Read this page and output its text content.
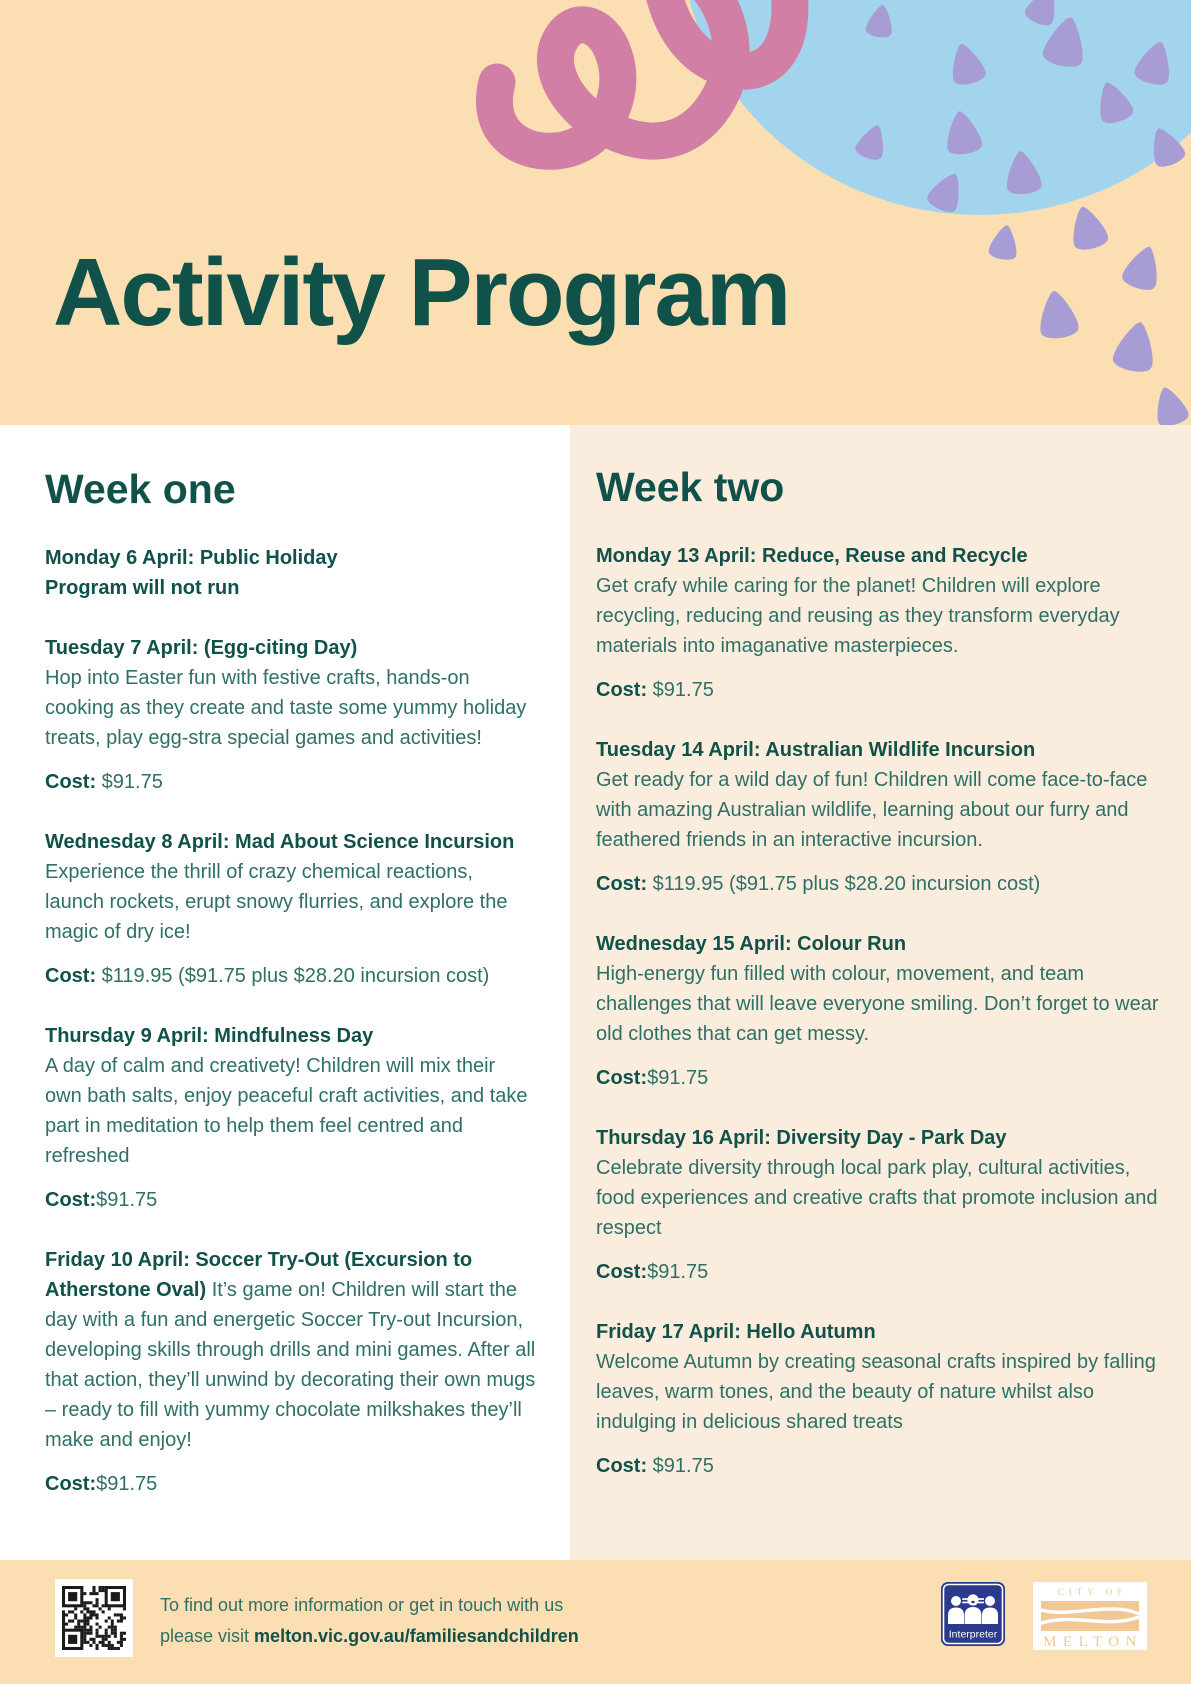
Activity Program
Week one

Monday 6 April: Public Holiday

Program will not run

Tuesday 7 April: (Egg-citing Day)

Hop into Easter fun with festive crafts, hands-on cooking as they create and taste some yummy holiday treats, play egg-stra special games and activities!

Cost: $91.75

Wednesday 8 April: Mad About Science Incursion

Experience the thrill of crazy chemical reactions, launch rockets, erupt snowy flurries, and explore the magic of dry ice!

Cost: $119.95 ($91.75 plus $28.20 incursion cost)

Thursday 9 April: Mindfulness Day

A day of calm and creativety! Children will mix their own bath salts, enjoy peaceful craft activities, and take part in meditation to help them feel centred and refreshed

Cost:$91.75

Friday 10 April: Soccer Try-Out (Excursion to Atherstone Oval) It’s game on! Children will start the day with a fun and energetic Soccer Try-out Incursion, developing skills through drills and mini games. After all that action, they’ll unwind by decorating their own mugs – ready to fill with yummy chocolate milkshakes they’ll make and enjoy!

Cost:$91.75

Week two

Monday 13 April: Reduce, Reuse and Recycle

Get crafy while caring for the planet! Children will explore recycling, reducing and reusing as they transform everyday materials into imaganative masterpieces.

Cost: $91.75

Tuesday 14 April: Australian Wildlife Incursion

Get ready for a wild day of fun! Children will come face-to-face with amazing Australian wildlife, learning about our furry and feathered friends in an interactive incursion.

Cost: $119.95 ($91.75 plus $28.20 incursion cost)

Wednesday 15 April: Colour Run

High-energy fun filled with colour, movement, and team challenges that will leave everyone smiling. Don’t forget to wear old clothes that can get messy.

Cost:$91.75

Thursday 16 April: Diversity Day - Park Day

Celebrate diversity through local park play, cultural activities, food experiences and creative crafts that promote inclusion and respect

Cost:$91.75

Friday 17 April: Hello Autumn

Welcome Autumn by creating seasonal crafts inspired by falling leaves, warm tones, and the beauty of nature whilst also indulging in delicious shared treats

Cost: $91.75

To find out more information or get in touch with us
please visit melton.vic.gov.au/familiesandchildren	Interpreter
CITY OF
MELTON
